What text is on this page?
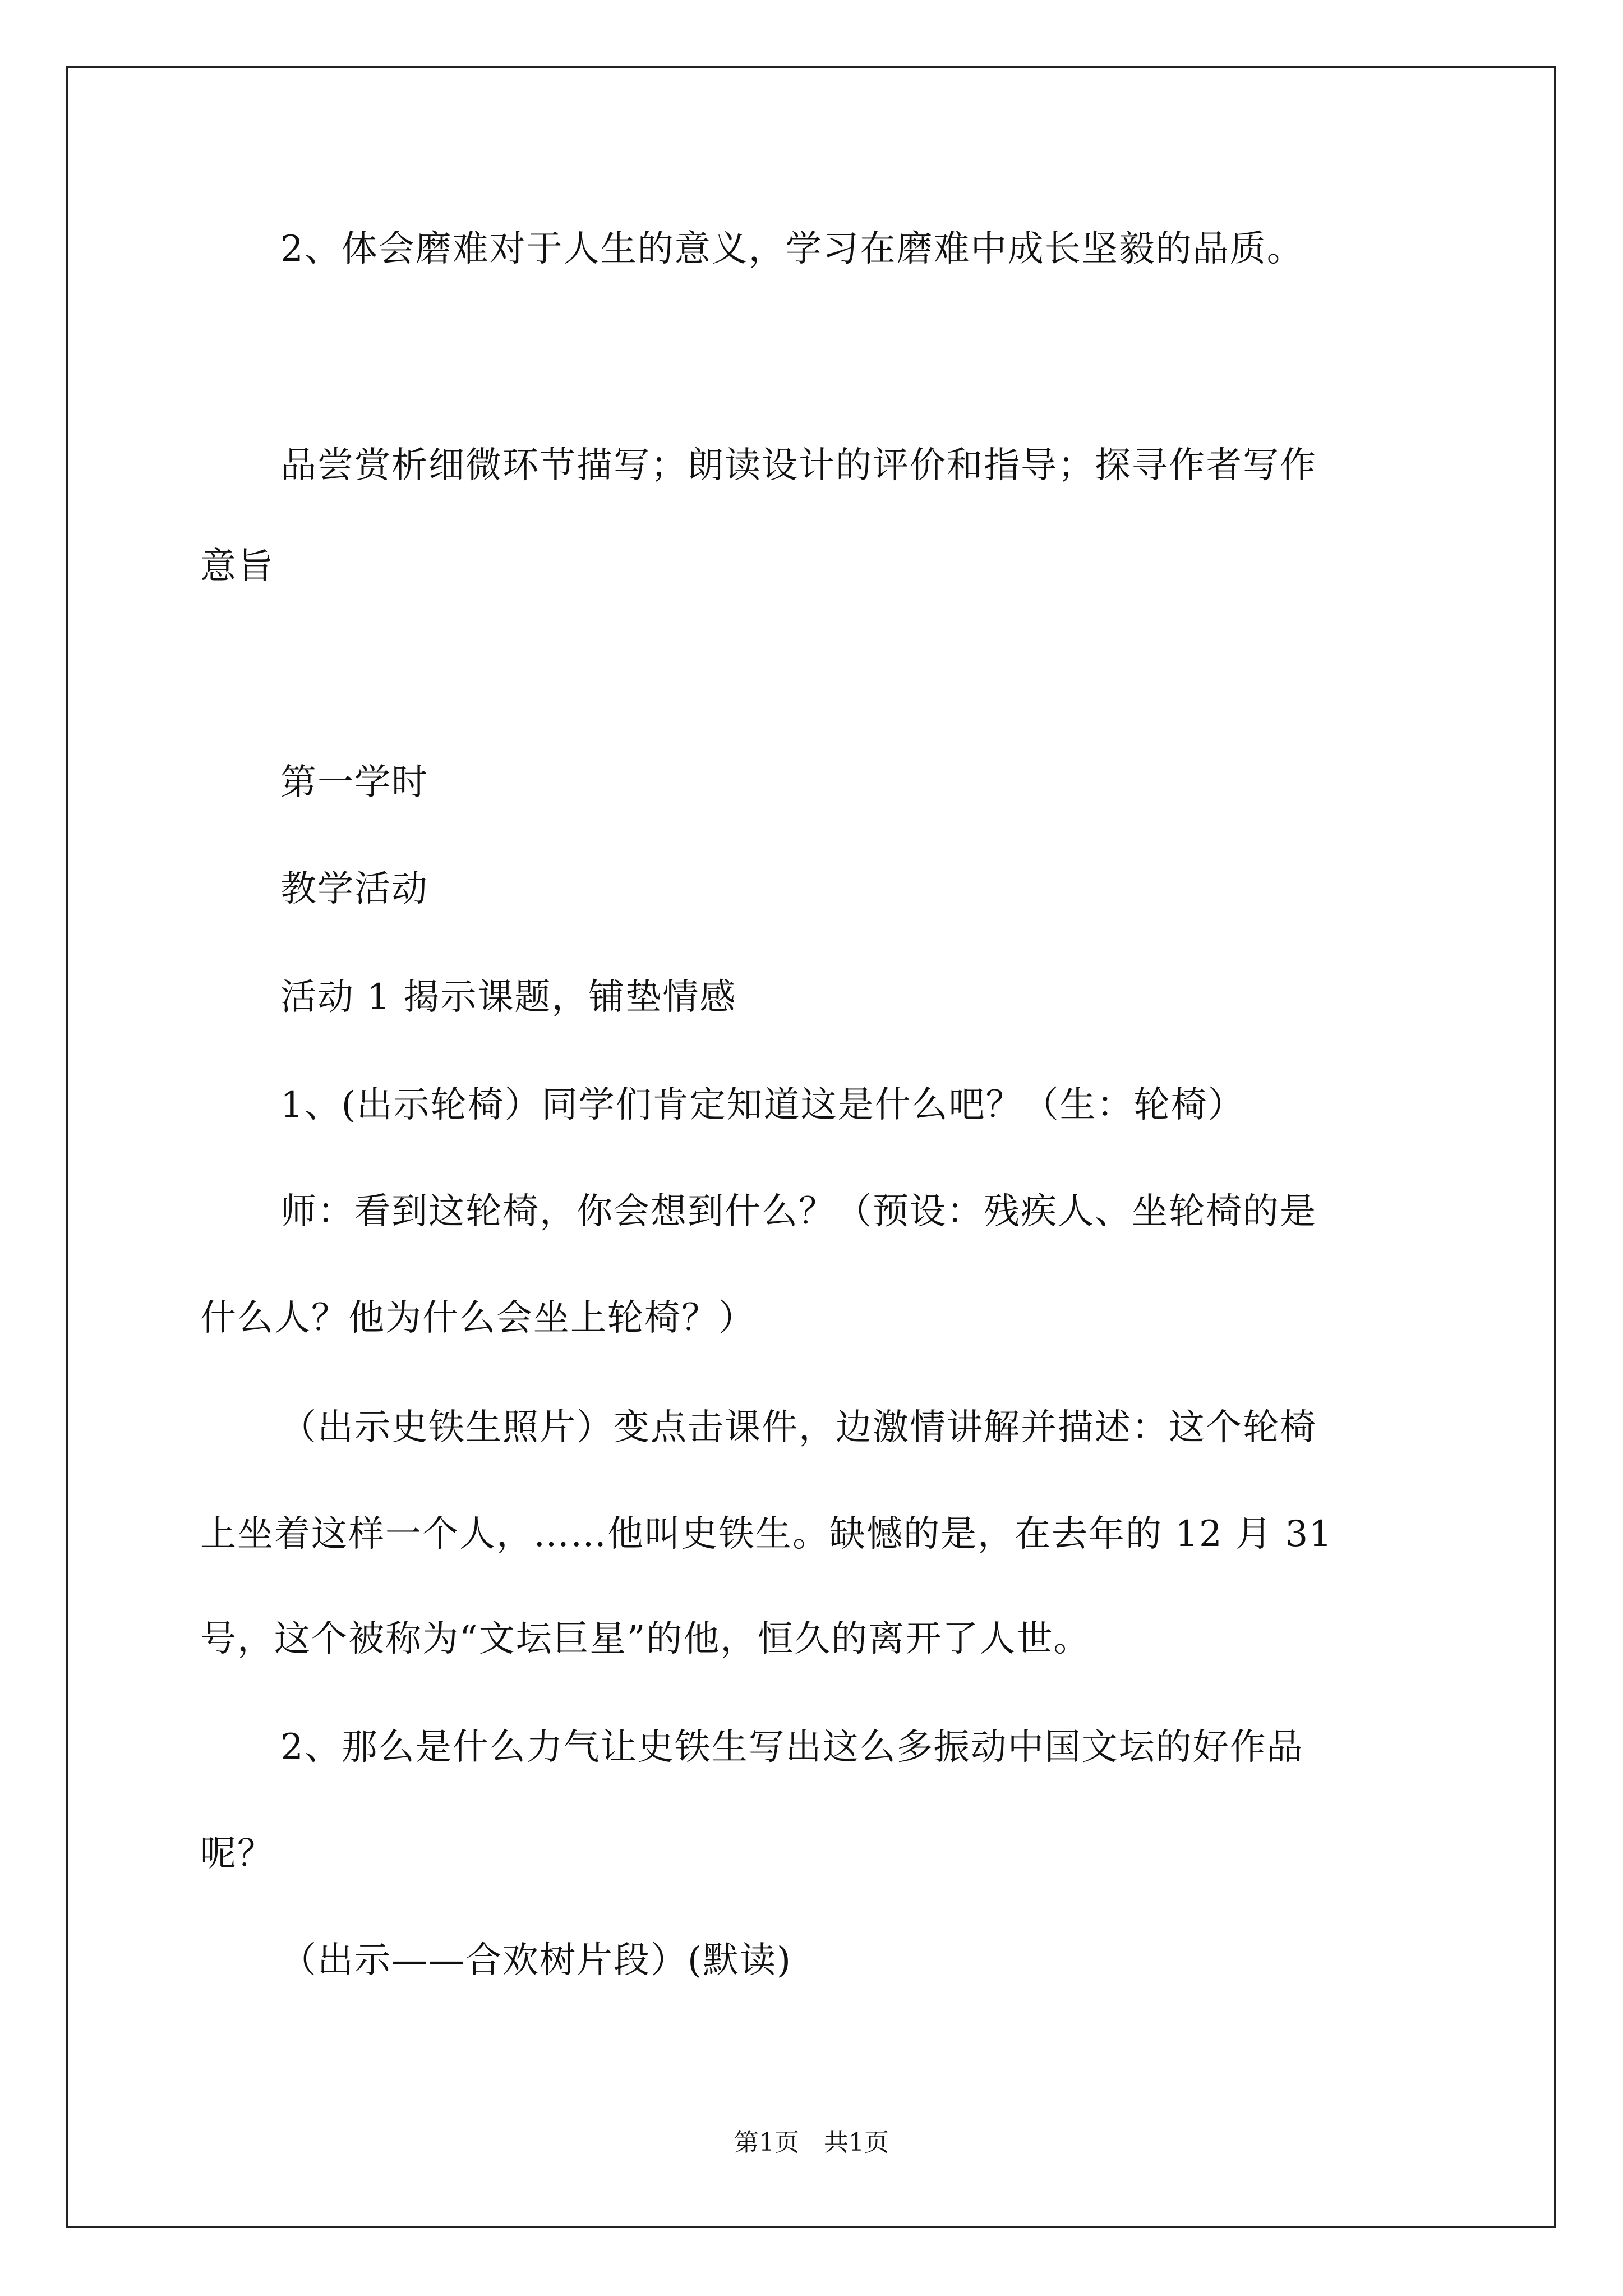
2、体会磨难对于人生的意义，学习在磨难中成长坚毅的品质。
品尝赏析细微环节描写；朗读设计的评价和指导；探寻作者写作
意旨
第一学时
教学活动
活动 1 揭示课题，铺垫情感
1、(出示轮椅）同学们肯定知道这是什么吧？（生：轮椅）
师：看到这轮椅，你会想到什么？（预设：残疾人、坐轮椅的是
什么人？他为什么会坐上轮椅？）
（出示史铁生照片）变点击课件，边激情讲解并描述：这个轮椅
上坐着这样一个人，……他叫史铁生。缺憾的是，在去年的 12 月 31
号，这个被称为“文坛巨星”的他，恒久的离开了人世。
2、那么是什么力气让史铁生写出这么多振动中国文坛的好作品
呢？
（出示——合欢树片段）(默读)
第1页　共1页
